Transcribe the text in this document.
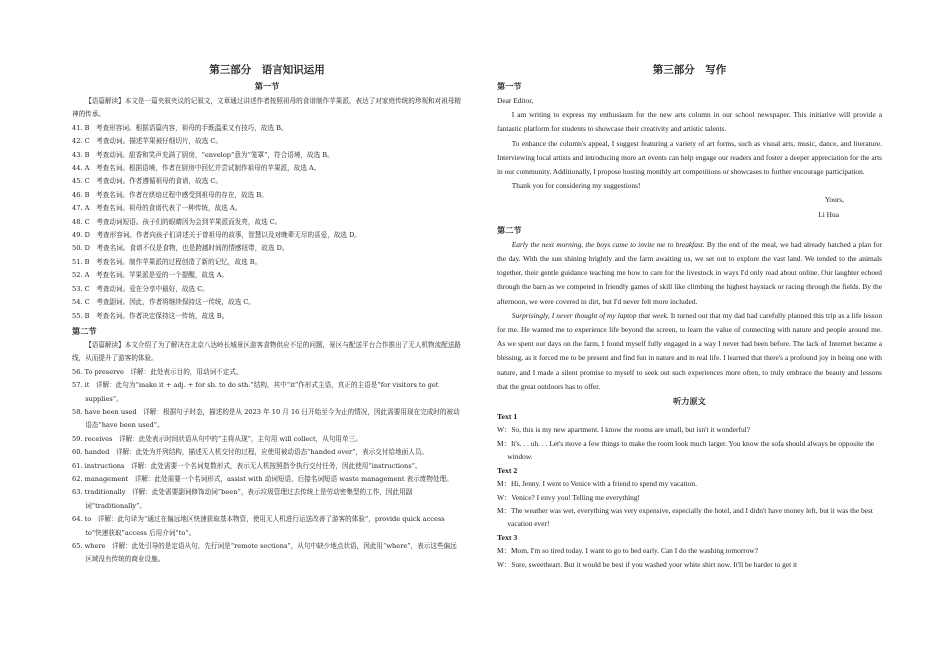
第三部分　语言知识运用
第一节

【语篇解读】本文是一篇夹叙夹议的记叙文，文章通过讲述作者按照祖母的食谱制作苹果派，表达了对家庭传统的珍视和对祖母精神的传承。

41. B　考查形容词。根据语篇内容，祖母的手既温柔又有技巧，故选 B。

42. C　考查动词。描述苹果被仔细切片，故选 C。

43. B　考查动词。甜香和笑声充满了厨房，“envelop”意为“笼罩”，符合语境，故选 B。

44. A　考查名词。根据语境，作者在厨房中回忆并尝试制作祖母的苹果派，故选 A。

45. C　考查动词。作者遵循祖母的食谱，故选 C。

46. B　考查名词。作者在烘焙过程中感受到祖母的存在，故选 B。

47. A　考查名词。祖母的食谱代表了一种传统，故选 A。

48. C　考查动词短语。孩子们的眼睛因为会到苹果派而发亮，故选 C。

49. D　考查形容词。作者向孩子们讲述关于曾祖母的故事，智慧以及对晚辈无尽的喜爱，故选 D。

50. D　考查名词。食谱不仅是食物，也是跨越时间的情感纽带，故选 D。

51. B　考查名词。制作苹果派的过程创造了新的记忆，故选 B。

52. A　考查名词。苹果派是爱的一个提醒，故选 A。

53. C　考查动词。爱在分享中最好，故选 C。

54. C　考查副词。因此，作者将继续保持这一传统，故选 C。

55. B　考查名词。作者决定保持这一传统，故选 B。

第二节

【语篇解读】本文介绍了为了解决在北京八达岭长城景区游客食物供应不足的问题，景区与配送平台合作推出了无人机物流配送路线，从而提升了游客的体验。

56. To preserve　详解：此处表示目的，用动词不定式。

57. it　详解：此句为“make it + adj. + for sb. to do sth.”结构，其中“it”作形式主语，真正的主语是“for visitors to get supplies”。

58. have been used　详解：根据句子时态，描述的是从 2023 年 10 月 16 日开始至今为止的情况，因此需要用现在完成时的被动语态“have been used”。

59. receives　详解：此处表示时间状语从句中的“主将从现”，主句用 will collect，从句用单三。

60. handed　详解：此处为并列结构，描述无人机交付的过程，应使用被动语态“handed over”，表示交付给地面人员。

61. instructions　详解：此处需要一个名词复数形式，表示无人机按照指令执行交付任务，因此使用“instructions”。

62. management　详解：此处需要一个名词形式，assist with 动词短语，后接名词短语 waste management 表示废物处理。

63. traditionally　详解：此处需要副词修饰动词“been”，表示垃圾管理过去传统上是劳动密集型的工作，因此用副词“traditionally”。

64. to　详解：此句译为“通过在偏远地区快速获取基本物资，使用无人机进行运送改善了游客的体验”，provide quick access to“快速获取”access 后用介词“to”。

65. where　详解：此处引导的是定语从句，先行词是“remote sections”，从句中缺少地点状语，因此用“where”，表示这些偏远区域没有传统的商业设施。

第三部分　写作
第一节

Dear Editor,

I am writing to express my enthusiasm for the new arts column in our school newspaper. This initiative will provide a fantastic platform for students to showcase their creativity and artistic talents.

To enhance the column's appeal, I suggest featuring a variety of art forms, such as visual arts, music, dance, and literature. Interviewing local artists and introducing more art events can help engage our readers and foster a deeper appreciation for the arts in our community. Additionally, I propose hosting monthly art competitions or showcases to further encourage participation.

Thank you for considering my suggestions!

Yours,

Li Hua

第二节

Early the next morning, the boys came to invite me to breakfast. By the end of the meal, we had already hatched a plan for the day. With the sun shining brightly and the farm awaiting us, we set out to explore the vast land. We tended to the animals together, their gentle guidance teaching me how to care for the livestock in ways I'd only read about online. Our laughter echoed through the barn as we competed in friendly games of skill like climbing the highest haystack or racing through the fields. By the afternoon, we were covered in dirt, but I'd never felt more included.

Surprisingly, I never thought of my laptop that week. It turned out that my dad had carefully planned this trip as a life lesson for me. He wanted me to experience life beyond the screen, to learn the value of connecting with nature and people around me. As we spent our days on the farm, I found myself fully engaged in a way I never had been before. The lack of Internet became a blessing, as it forced me to be present and find fun in nature and in real life. I learned that there's a profound joy in being one with nature, and I made a silent promise to myself to seek out such experiences more often, to truly embrace the beauty and lessons that the great outdoors has to offer.

听力原文

Text 1

W：So, this is my new apartment. I know the rooms are small, but isn't it wonderful?

M：It's. . . uh. . . Let's move a few things to make the room look much larger. You know the sofa should always be opposite the window.

Text 2

M：Hi, Jenny. I went to Venice with a friend to spend my vacation.

W：Venice? I envy you! Telling me everything!

M：The weather was wet, everything was very expensive, especially the hotel, and I didn't have money left, but it was the best vacation ever!

Text 3

M：Mom, I'm so tired today. I want to go to bed early. Can I do the washing tomorrow?

W：Sure, sweetheart. But it would be best if you washed your white shirt now. It'll be harder to get it
